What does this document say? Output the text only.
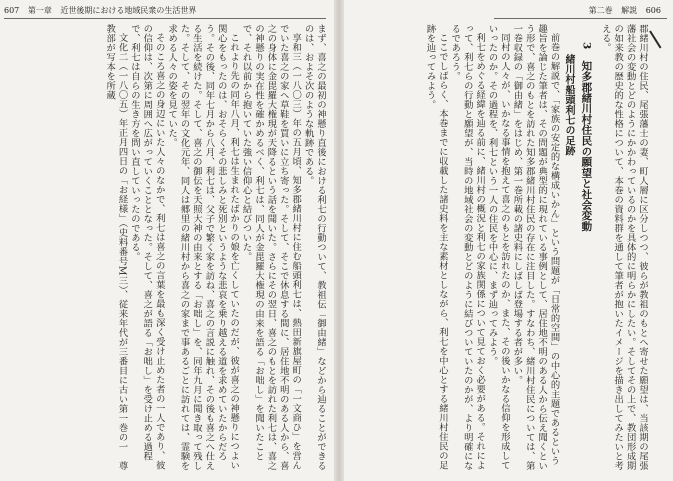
607 第一章 近世後期における地域民衆の生活世界

まず、喜之の最初の神懸り直後における利七の行動ついて、教祖伝「御由緒」などから辿ることができるのは、およそ次のような軌跡である。

享和三（一八〇三）年の五月頃、知多郡緒川村に住む船頭利七は、熱田新旗屋町の「一文商ひ」を営んでいた喜之の家へ草鞋を買いに立ち寄った。そして、そこで休息する間に、居住地不明のある人から、喜之の身体に金毘羅大権現が天降るという話を聞いた。さらにその翌日、喜之のもとを訪れた利七は、喜之の神懸りの実在性を確かめるべく、利七は、同人が金毘羅大権現の由来を語る「お咄し」を聞いたことで、それ以前から抱いていた強い信仰心と結びついた。

これより先の同年八月、利七は生まれたばかりの娘を亡くしていたのだが、彼が喜之の神懸りにつよい関心をもったのは、おそらくその悲しみと死別というような悲哀を乗り越える道を求めていたからだろう。その後、同年七月から八月、利七は、父子で繁く家を訪ね、喜之の言説に触れ、その後も喜之へ仕える生活を続けた。そして、喜之の御伝を天照大神の由来とする「お咄し」を、同年九月に聞き取って残した。そして、その翌年の文化元年、同人は郷里の緒川村から喜之の家まで事あるごとに訪れては、霊験を求める人々の姿を見ていた。

そのころ喜之の身辺にいた人々のなかで、利七は喜之の言葉を最も深く受け止めた者の一人であり、彼の信仰は、次第に周囲へ広がっていくこととなった。そして、喜之が語る「お咄し」を受け止める過程で、利七は自らの生き方を問い直していったのである。

文化二（一八〇五）年正月四日の「お経様」（史料番号M三）、従来年代が三番目に古い第一巻の一　尊教部が写本を所蔵

第二巻 解説 606

郡緒川村の住民、尾張藩士の妻、町人層に区分しつつ、彼らが教祖のもとへ寄せた願望は、当該期の尾張藩社会の変動とどのようにかかわっているのかを具体的に明らかにしたい。そしてその上で、教団形成期の如来教の歴史的な性格について、本巻の資料群を通して筆者が抱いたイメージを描き出してみたいと考える。

3　知多郡緒川村住民の願望と社会変動
緒川村船頭利七の足跡

前巻の解説で、「家族の安定的な構成いかん」という問題が「日常的空間」の中心的主題であるという趣旨を論じた筆者は、その問題が典型的に現れている事例として、居住地不明のある人から伝え聞くという形で、喜之のもとを訪れた知多郡緒川村住民の存在に注目した。すなわち、緒川村住民については、第一巻収録の「御由緒」をはじめ、第一巻所載の諸史料にしばしば登場する者が多い。

同村の人々が、いかなる事情を抱えて喜之のもとを訪れたのか、また、その後いかなる信仰を形成していったのか。その過程を、利七という一人の住民を中心に、まず辿ってみよう。

利七をめぐる経緯を辿る前に、緒川村の概況と利七の家族関係について見ておく必要がある。それによって、利七らの行動と願望が、当時の地域社会の変動とどのように結びついていたのかが、より明確になるであろう。

ここでしばらく、本巻までに収載した諸史料を主な素材としながら、利七を中心とする緒川村住民の足跡を辿ってみよう。
